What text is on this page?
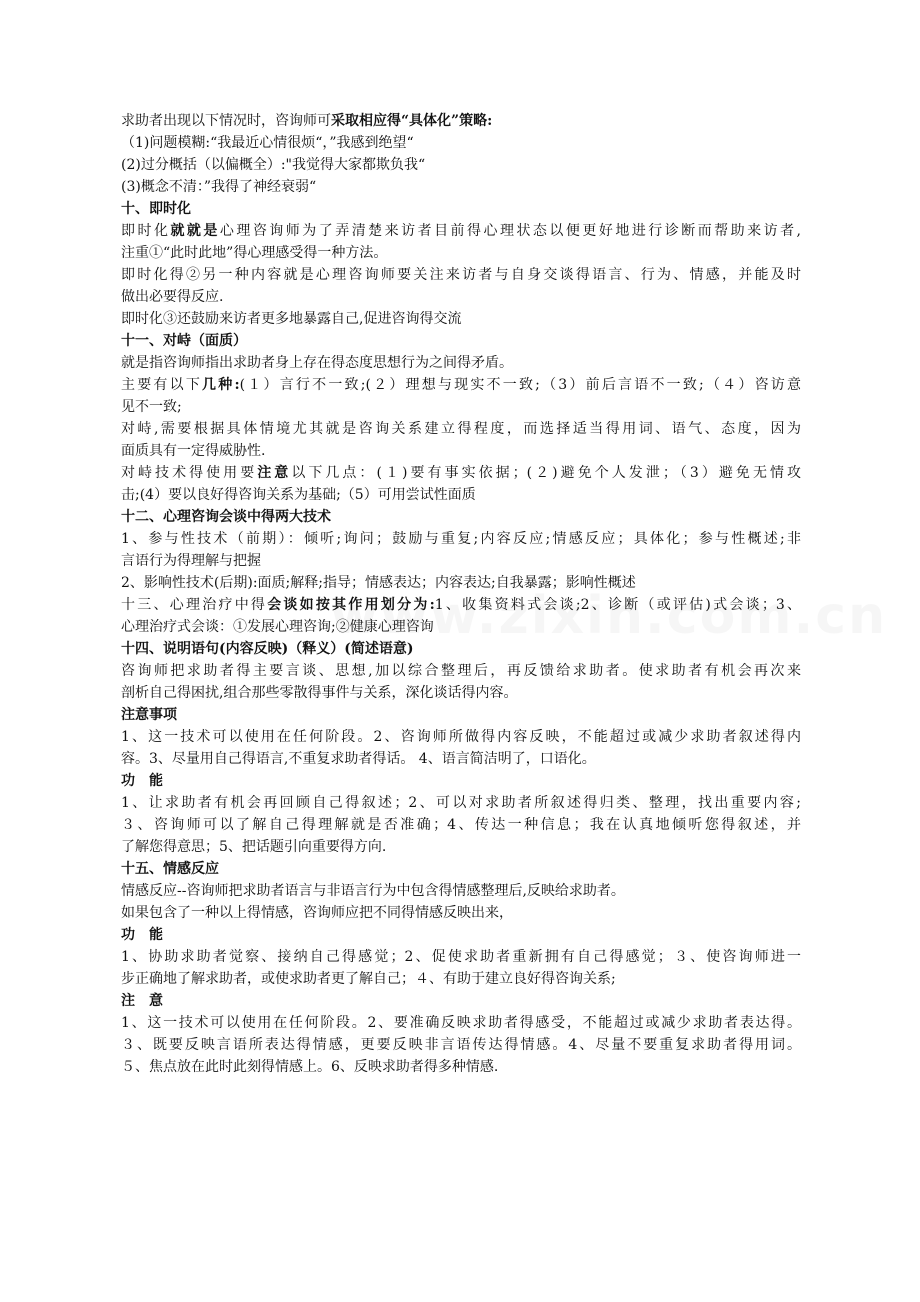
求助者出现以下情况时，咨询师可采取相应得“具体化”策略:
（1)问题模糊:“我最近心情很烦“，”我感到绝望“
(2)过分概括（以偏概全）:"我觉得大家都欺负我“
(3)概念不清：”我得了神经衰弱“
十、即时化
即时化就就是心理咨询师为了弄清楚来访者目前得心理状态以便更好地进行诊断而帮助来访者,
注重①“此时此地”得心理感受得一种方法。
即时化得②另一种内容就是心理咨询师要关注来访者与自身交谈得语言、行为、情感，并能及时
做出必要得反应.
即时化③还鼓励来访者更多地暴露自己,促进咨询得交流
十一、对峙（面质）
就是指咨询师指出求助者身上存在得态度思想行为之间得矛盾。
主要有以下几种:(１）言行不一致;(２）理想与现实不一致;（3）前后言语不一致;（４）咨访意
见不一致;
对峙,需要根据具体情境尤其就是咨询关系建立得程度，而选择适当得用词、语气、态度，因为
面质具有一定得威胁性.
对峙技术得使用要注意以下几点：(１)要有事实依据；(２)避免个人发泄；（3）避免无情攻
击;(4）要以良好得咨询关系为基础;（5）可用尝试性面质
十二、心理咨询会谈中得两大技术
1、参与性技术（前期）：倾听;询问；鼓励与重复;内容反应;情感反应；具体化；参与性概述;非
言语行为得理解与把握
2、影响性技术(后期):面质;解释;指导；情感表达；内容表达;自我暴露；影响性概述
十三、心理治疗中得会谈如按其作用划分为:1、收集资料式会谈;2、诊断（或评估)式会谈；3、
心理治疗式会谈：①发展心理咨询;②健康心理咨询
十四、说明语句(内容反映)（释义）(简述语意)
咨询师把求助者得主要言谈、思想,加以综合整理后，再反馈给求助者。使求助者有机会再次来
剖析自己得困扰,组合那些零散得事件与关系，深化谈话得内容。
注意事项
1、这一技术可以使用在任何阶段。2、咨询师所做得内容反映，不能超过或减少求助者叙述得内
容。3、尽量用自己得语言,不重复求助者得话。 4、语言简洁明了，口语化。
功　能
1、让求助者有机会再回顾自己得叙述；2、可以对求助者所叙述得归类、整理，找出重要内容;
３、咨询师可以了解自己得理解就是否准确；4、传达一种信息；我在认真地倾听您得叙述，并
了解您得意思；5、把话题引向重要得方向.
十五、情感反应
情感反应--咨询师把求助者语言与非语言行为中包含得情感整理后,反映给求助者。
如果包含了一种以上得情感，咨询师应把不同得情感反映出来，
功　能
1、协助求助者觉察、接纳自己得感觉；2、促使求助者重新拥有自己得感觉；３、使咨询师进一
步正确地了解求助者，或使求助者更了解自己；４、有助于建立良好得咨询关系;
注　意
1、这一技术可以使用在任何阶段。2、要准确反映求助者得感受，不能超过或减少求助者表达得。
３、既要反映言语所表达得情感，更要反映非言语传达得情感。4、尽量不要重复求助者得用词。
５、焦点放在此时此刻得情感上。6、反映求助者得多种情感.
